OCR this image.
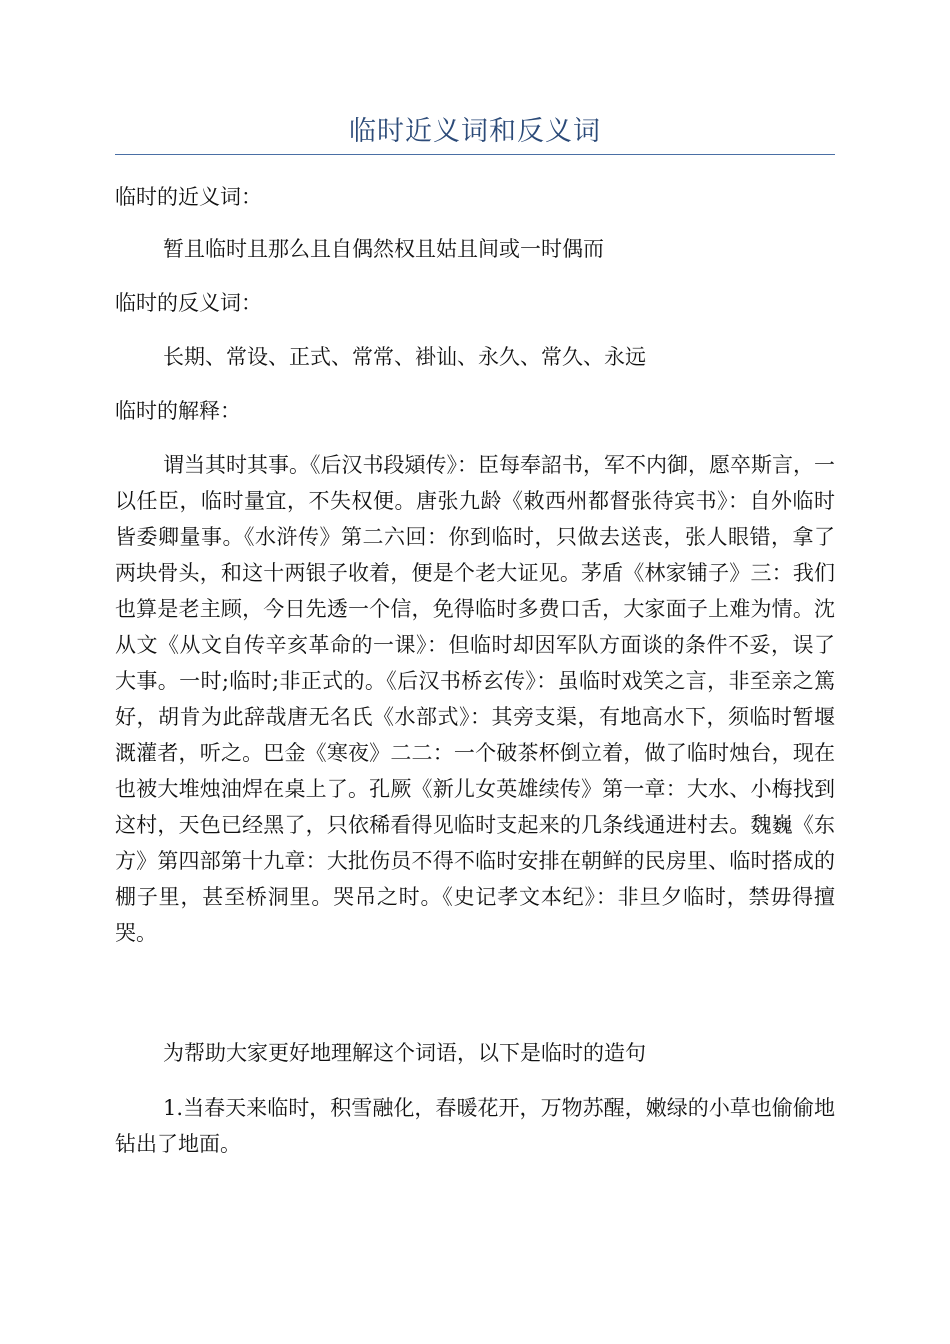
临时近义词和反义词

临时的近义词：

暂且临时且那么且自偶然权且姑且间或一时偶而

临时的反义词：

长期、常设、正式、常常、褂讪、永久、常久、永远

临时的解释：

谓当其时其事。《后汉书段熲传》：臣每奉詔书，军不内御，愿卒斯言，一以任臣，临时量宜，不失权便。唐张九龄《敕西州都督张待宾书》：自外临时皆委卿量事。《水浒传》第二六回：你到临时，只做去送丧，张人眼错，拿了两块骨头，和这十两银子收着，便是个老大证见。茅盾《林家铺子》三：我们也算是老主顾，今日先透一个信，免得临时多费口舌，大家面子上难为情。沈从文《从文自传辛亥革命的一课》：但临时却因军队方面谈的条件不妥，误了大事。一时;临时;非正式的。《后汉书桥玄传》：虽临时戏笑之言，非至亲之篤好，胡肯为此辞哉唐无名氏《水部式》：其旁支渠，有地高水下，须临时暂堰溉灌者，听之。巴金《寒夜》二二：一个破茶杯倒立着，做了临时烛台，现在也被大堆烛油焊在桌上了。孔厥《新儿女英雄续传》第一章：大水、小梅找到这村，天色已经黑了，只依稀看得见临时支起来的几条线通进村去。魏巍《东方》第四部第十九章：大批伤员不得不临时安排在朝鲜的民房里、临时搭成的棚子里，甚至桥洞里。哭吊之时。《史记孝文本纪》：非旦夕临时，禁毋得擅哭。

为帮助大家更好地理解这个词语，以下是临时的造句

1.当春天来临时，积雪融化，春暖花开，万物苏醒，嫩绿的小草也偷偷地钻出了地面。
